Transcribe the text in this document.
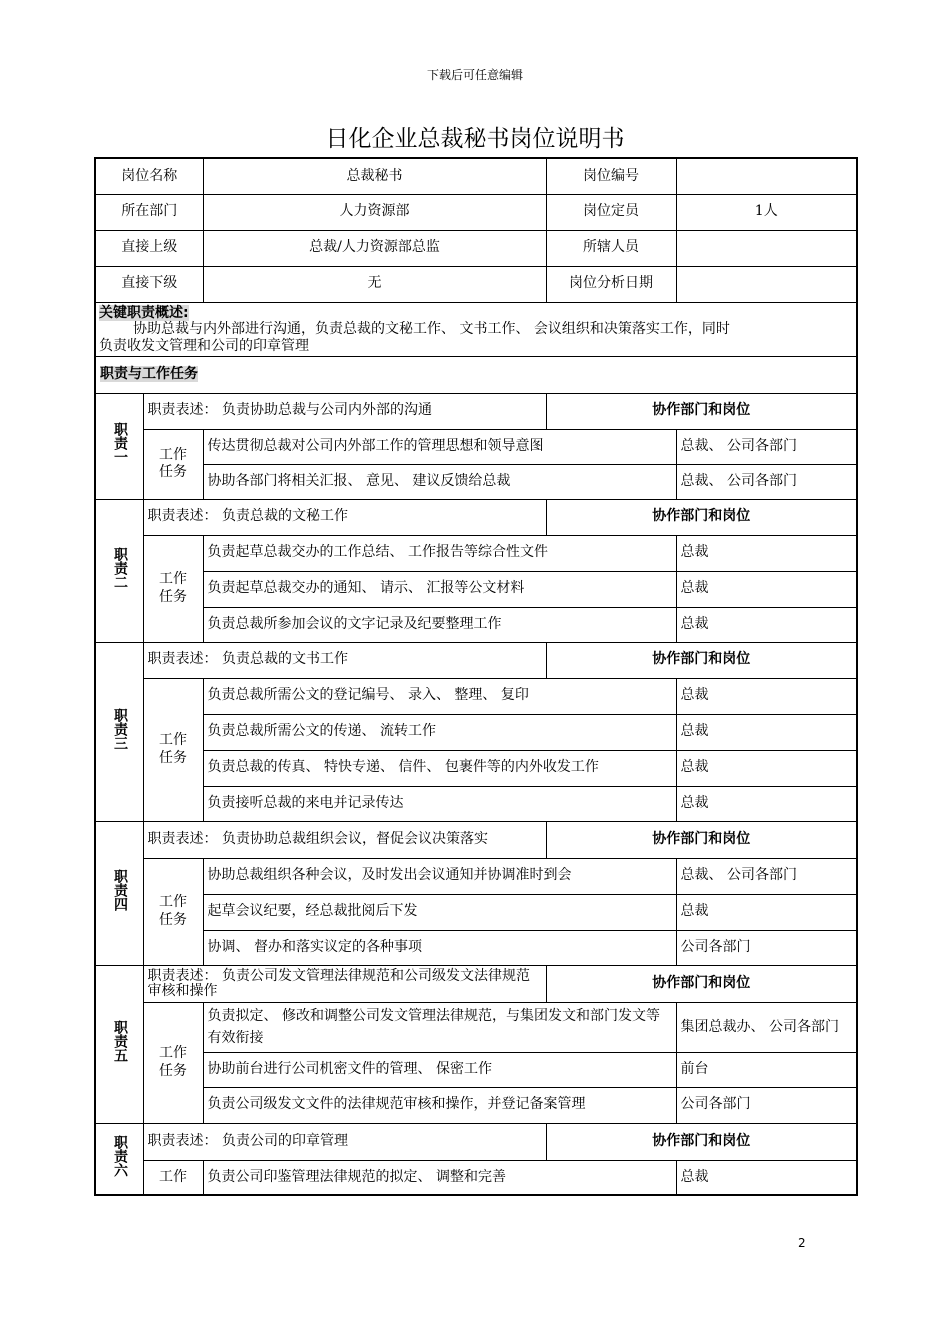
下载后可任意编辑
日化企业总裁秘书岗位说明书
岗位名称		总裁秘书	岗位编号	
所在部门		人力资源部	岗位定员	1人
直接上级		总裁/人力资源部总监	所辖人员	
直接下级		无	岗位分析日期	
关键职责概述:
协助总裁与内外部进行沟通，负责总裁的文秘工作、 文书工作、 会议组织和决策落实工作，同时
负责收发文管理和公司的印章管理				
职责与工作任务				
职责一	职责表述： 负责协助总裁与公司内外部的沟通		协作部门和岗位	
	工作任务	传达贯彻总裁对公司内外部工作的管理思想和领导意图		总裁、 公司各部门
		协助各部门将相关汇报、 意见、 建议反馈给总裁		总裁、 公司各部门
职责二	职责表述： 负责总裁的文秘工作		协作部门和岗位	
	工作任务	负责起草总裁交办的工作总结、 工作报告等综合性文件		总裁
		负责起草总裁交办的通知、 请示、 汇报等公文材料		总裁
		负责总裁所参加会议的文字记录及纪要整理工作		总裁
职责三	职责表述： 负责总裁的文书工作		协作部门和岗位	
	工作任务	负责总裁所需公文的登记编号、 录入、 整理、 复印		总裁
		负责总裁所需公文的传递、 流转工作		总裁
		负责总裁的传真、 特快专递、 信件、 包裹件等的内外收发工作		总裁
		负责接听总裁的来电并记录传达		总裁
职责四	职责表述： 负责协助总裁组织会议，督促会议决策落实		协作部门和岗位	
	工作任务	协助总裁组织各种会议，及时发出会议通知并协调准时到会		总裁、 公司各部门
		起草会议纪要，经总裁批阅后下发		总裁
		协调、 督办和落实议定的各种事项		公司各部门
职责五	职责表述： 负责公司发文管理法律规范和公司级发文法律规范审核和操作		协作部门和岗位	
	工作任务	负责拟定、 修改和调整公司发文管理法律规范，与集团发文和部门发文等有效衔接		集团总裁办、 公司各部门
		协助前台进行公司机密文件的管理、 保密工作		前台
		负责公司级发文文件的法律规范审核和操作，并登记备案管理		公司各部门
职责六	职责表述： 负责公司的印章管理		协作部门和岗位	
	工作	负责公司印鉴管理法律规范的拟定、 调整和完善		总裁
2
